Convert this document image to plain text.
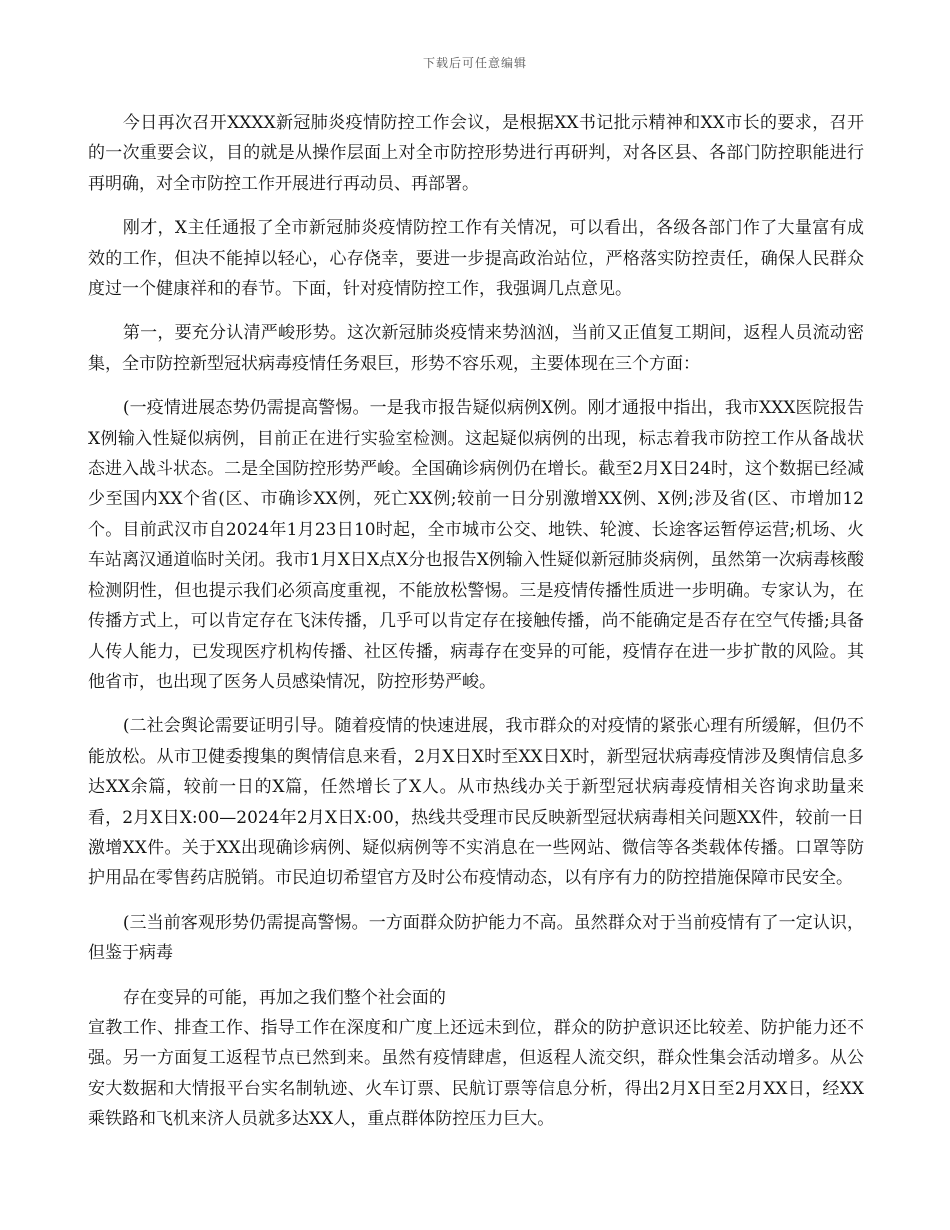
下载后可任意编辑

今日再次召开XXXX新冠肺炎疫情防控工作会议，是根据XX书记批示精神和XX市长的要求，召开的一次重要会议，目的就是从操作层面上对全市防控形势进行再研判，对各区县、各部门防控职能进行再明确，对全市防控工作开展进行再动员、再部署。

刚才，X主任通报了全市新冠肺炎疫情防控工作有关情况，可以看出，各级各部门作了大量富有成效的工作，但决不能掉以轻心，心存侥幸，要进一步提高政治站位，严格落实防控责任，确保人民群众度过一个健康祥和的春节。下面，针对疫情防控工作，我强调几点意见。

第一，要充分认清严峻形势。这次新冠肺炎疫情来势汹汹，当前又正值复工期间，返程人员流动密集，全市防控新型冠状病毒疫情任务艰巨，形势不容乐观，主要体现在三个方面：

(一疫情进展态势仍需提高警惕。一是我市报告疑似病例X例。刚才通报中指出，我市XXX医院报告X例输入性疑似病例，目前正在进行实验室检测。这起疑似病例的出现，标志着我市防控工作从备战状态进入战斗状态。二是全国防控形势严峻。全国确诊病例仍在增长。截至2月X日24时，这个数据已经减少至国内XX个省(区、市确诊XX例，死亡XX例;较前一日分别激增XX例、X例;涉及省(区、市增加12个。目前武汉市自2024年1月23日10时起，全市城市公交、地铁、轮渡、长途客运暂停运营;机场、火车站离汉通道临时关闭。我市1月X日X点X分也报告X例输入性疑似新冠肺炎病例，虽然第一次病毒核酸检测阴性，但也提示我们必须高度重视，不能放松警惕。三是疫情传播性质进一步明确。专家认为，在传播方式上，可以肯定存在飞沫传播，几乎可以肯定存在接触传播，尚不能确定是否存在空气传播;具备人传人能力，已发现医疗机构传播、社区传播，病毒存在变异的可能，疫情存在进一步扩散的风险。其他省市，也出现了医务人员感染情况，防控形势严峻。

(二社会舆论需要证明引导。随着疫情的快速进展，我市群众的对疫情的紧张心理有所缓解，但仍不能放松。从市卫健委搜集的舆情信息来看，2月X日X时至XX日X时，新型冠状病毒疫情涉及舆情信息多达XX余篇，较前一日的X篇，任然增长了X人。从市热线办关于新型冠状病毒疫情相关咨询求助量来看，2月X日X:00—2024年2月X日X:00，热线共受理市民反映新型冠状病毒相关问题XX件，较前一日激增XX件。关于XX出现确诊病例、疑似病例等不实消息在一些网站、微信等各类载体传播。口罩等防护用品在零售药店脱销。市民迫切希望官方及时公布疫情动态，以有序有力的防控措施保障市民安全。

(三当前客观形势仍需提高警惕。一方面群众防护能力不高。虽然群众对于当前疫情有了一定认识，但鉴于病毒

存在变异的可能，再加之我们整个社会面的

宣教工作、排查工作、指导工作在深度和广度上还远未到位，群众的防护意识还比较差、防护能力还不强。另一方面复工返程节点已然到来。虽然有疫情肆虐，但返程人流交织，群众性集会活动增多。从公安大数据和大情报平台实名制轨迹、火车订票、民航订票等信息分析，得出2月X日至2月XX日，经XX乘铁路和飞机来济人员就多达XX人，重点群体防控压力巨大。
